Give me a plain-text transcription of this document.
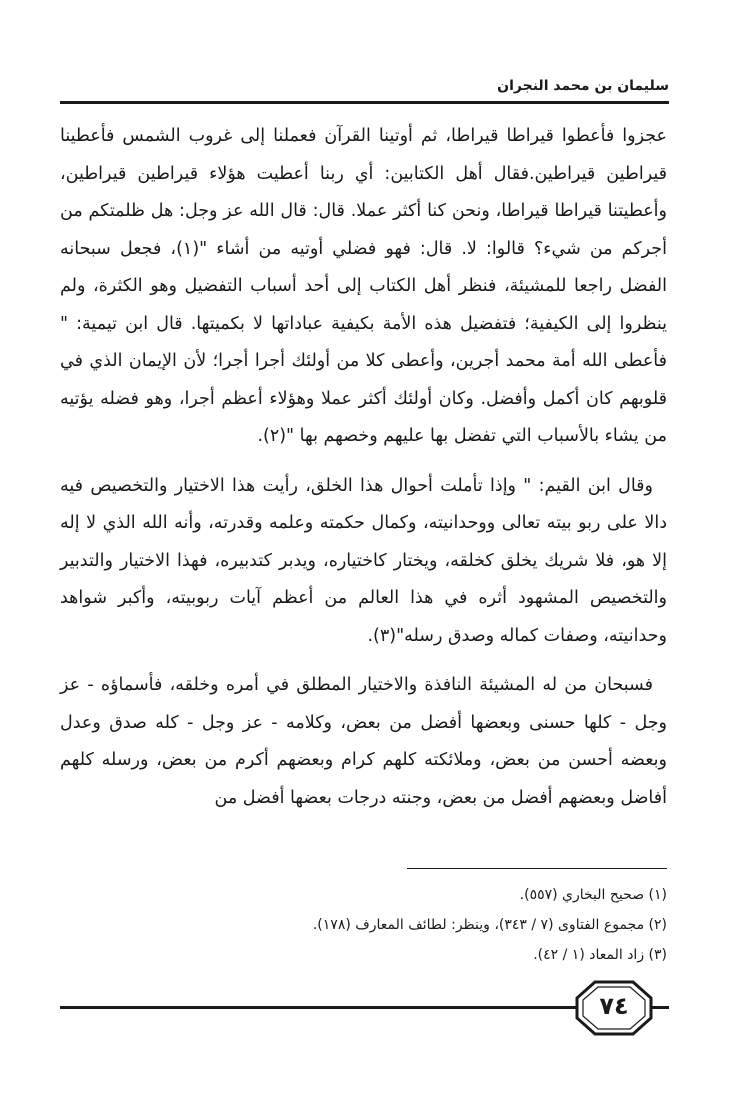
سليمان بن محمد النجران

عجزوا فأعطوا قيراطا قيراطا، ثم أوتينا القرآن فعملنا إلى غروب الشمس فأعطينا قيراطين قيراطين.فقال أهل الكتابين: أي ربنا أعطيت هؤلاء قيراطين قيراطين، وأعطيتنا قيراطا قيراطا، ونحن كنا أكثر عملا. قال: قال الله عز وجل: هل ظلمتكم من أجركم من شيء؟ قالوا: لا. قال: فهو فضلي أوتيه من أشاء "(١)، فجعل سبحانه الفضل راجعا للمشيئة، فنظر أهل الكتاب إلى أحد أسباب التفضيل وهو الكثرة، ولم ينظروا إلى الكيفية؛ فتفضيل هذه الأمة بكيفية عباداتها لا بكميتها. قال ابن تيمية: " فأعطى الله أمة محمد أجرين، وأعطى كلا من أولئك أجرا أجرا؛ لأن الإيمان الذي في قلوبهم كان أكمل وأفضل. وكان أولئك أكثر عملا وهؤلاء أعظم أجرا، وهو فضله يؤتيه من يشاء بالأسباب التي تفضل بها عليهم وخصهم بها "(٢).

وقال ابن القيم: " وإذا تأملت أحوال هذا الخلق، رأيت هذا الاختيار والتخصيص فيه دالا على ربو بيته تعالى ووحدانيته، وكمال حكمته وعلمه وقدرته، وأنه الله الذي لا إله إلا هو، فلا شريك يخلق كخلقه، ويختار كاختياره، ويدبر كتدبيره، فهذا الاختيار والتدبير والتخصيص المشهود أثره في هذا العالم من أعظم آيات ربوبيته، وأكبر شواهد وحدانيته، وصفات كماله وصدق رسله"(٣).

فسبحان من له المشيئة النافذة والاختيار المطلق في أمره وخلقه، فأسماؤه - عز وجل - كلها حسنى وبعضها أفضل من بعض، وكلامه - عز وجل - كله صدق وعدل وبعضه أحسن من بعض، وملائكته كلهم كرام وبعضهم أكرم من بعض، ورسله كلهم أفاضل وبعضهم أفضل من بعض، وجنته درجات بعضها أفضل من

(١) صحيح البخاري (٥٥٧).
(٢) مجموع الفتاوى (٧ / ٣٤٣)، وينظر: لطائف المعارف (١٧٨).
(٣) زاد المعاد (١ / ٤٢).
٧٤
